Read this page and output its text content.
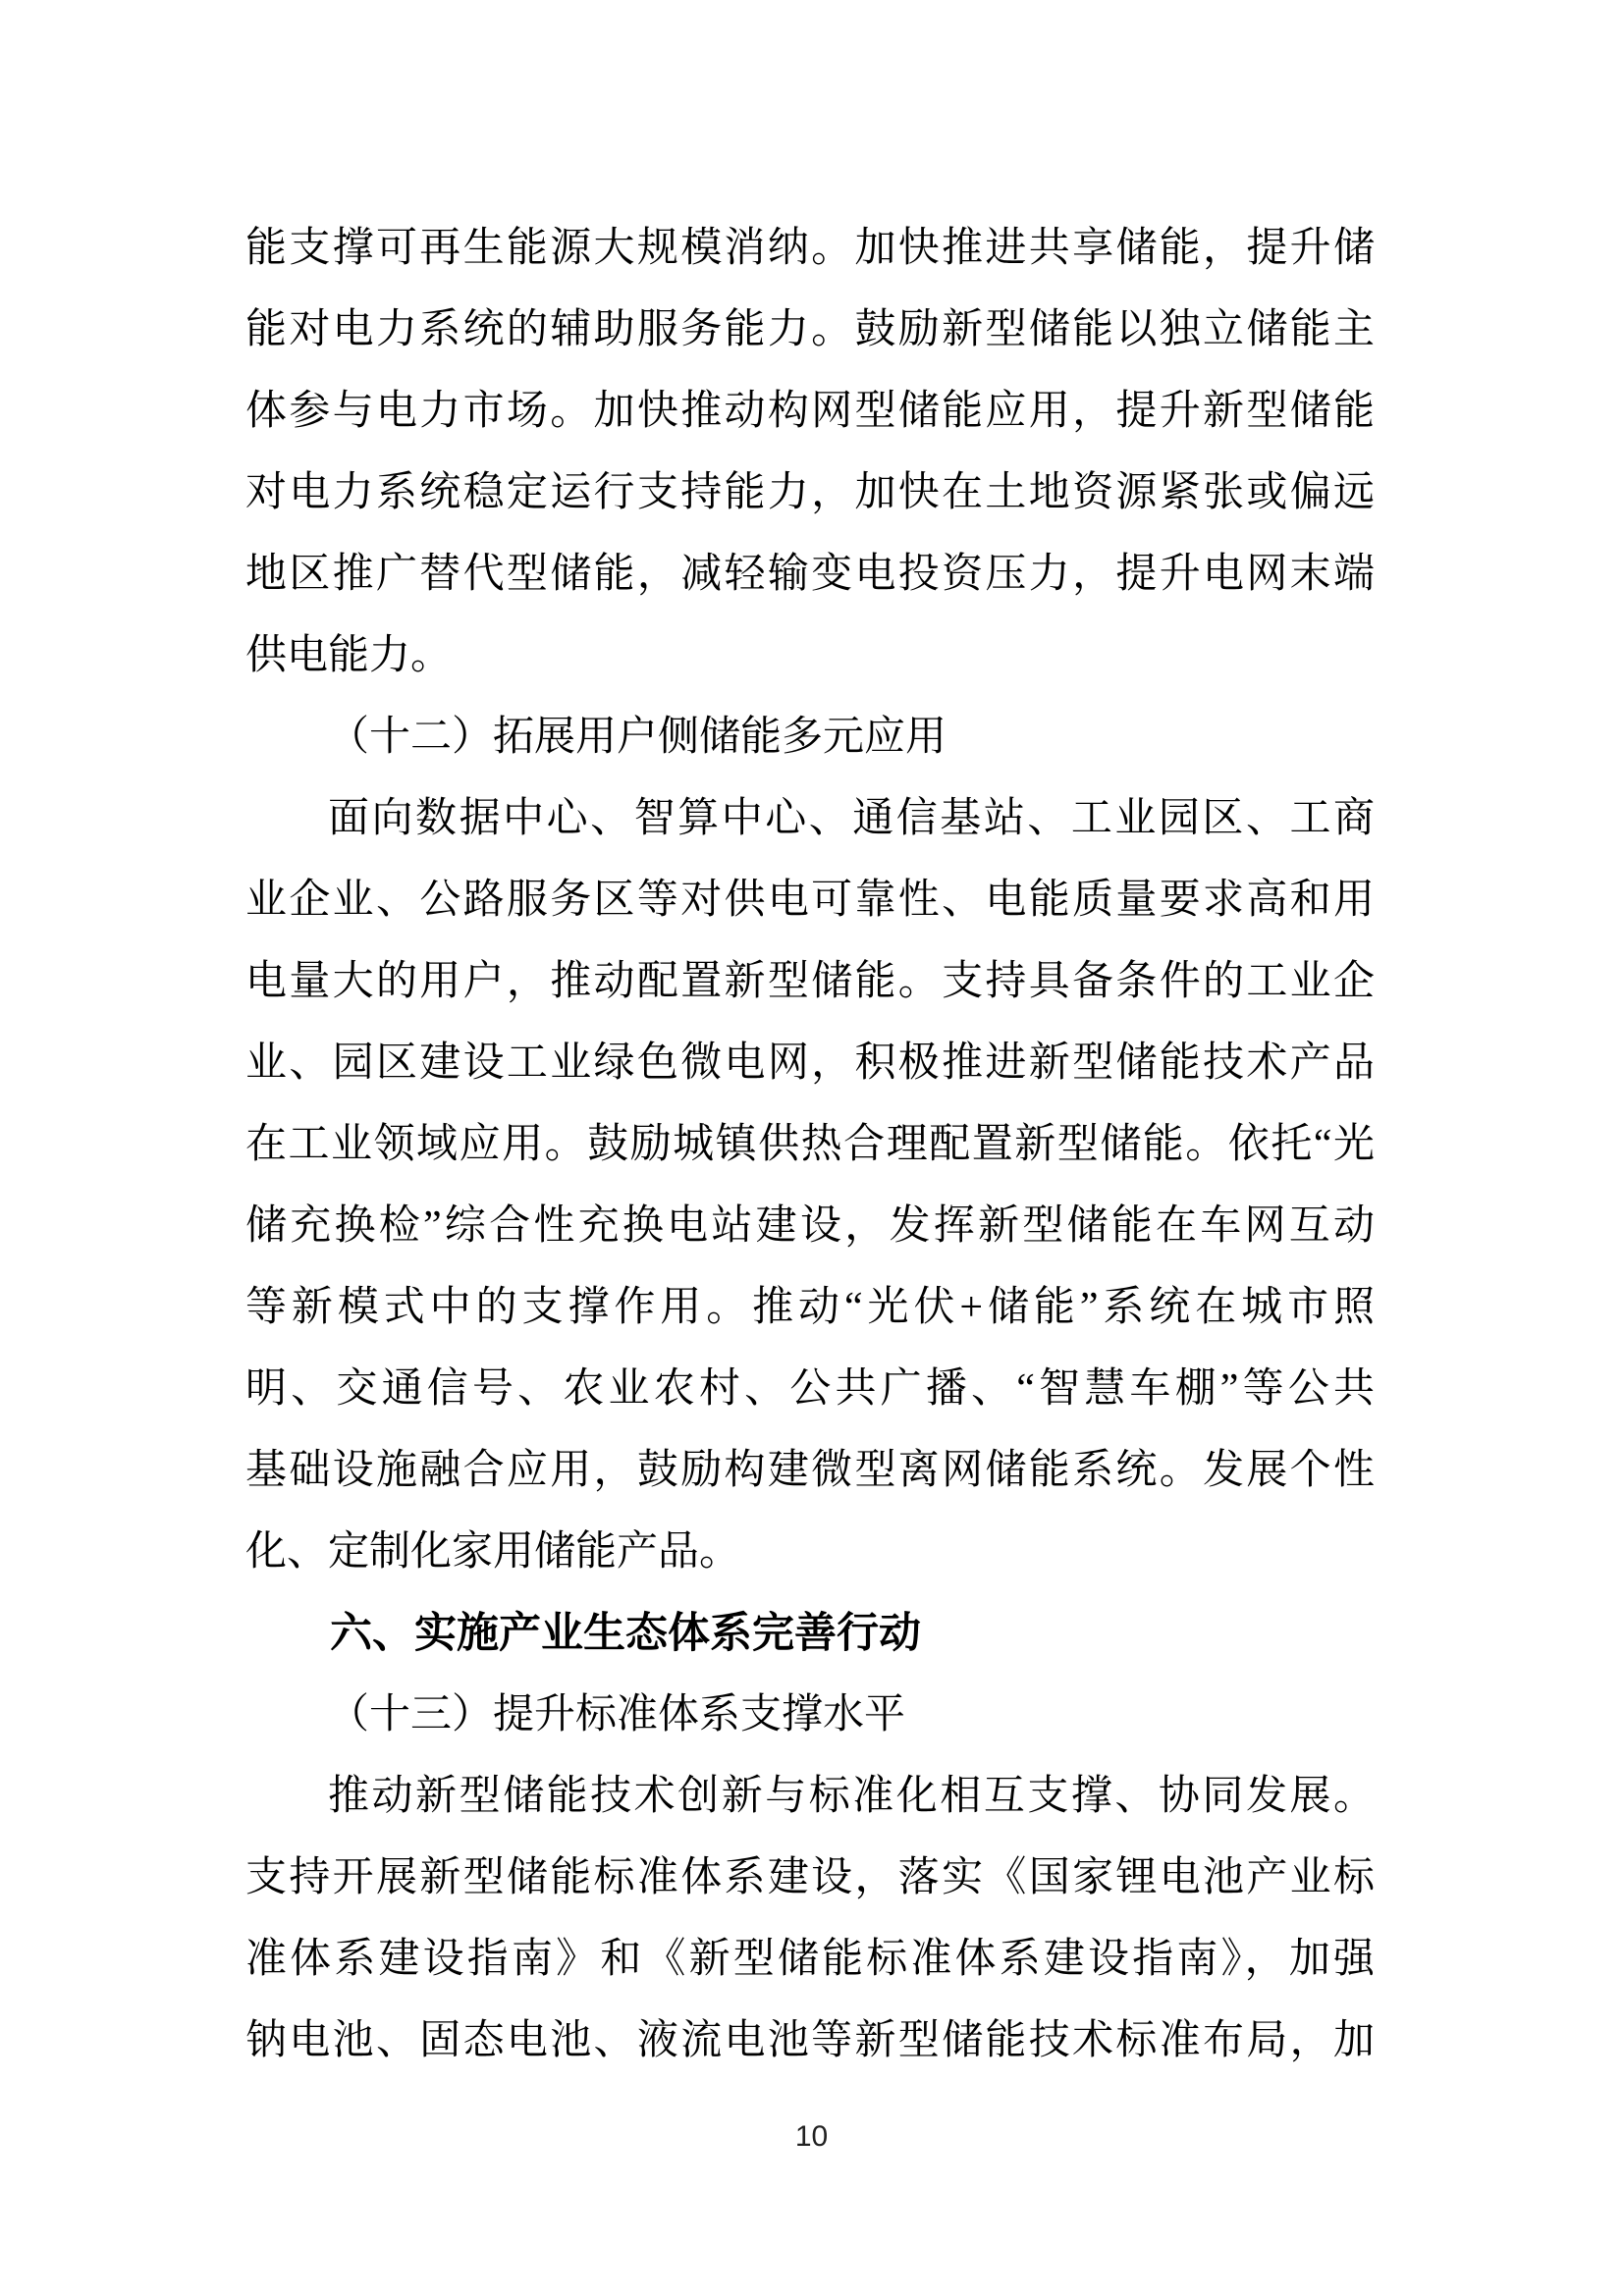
能支撑可再生能源大规模消纳。加快推进共享储能，提升储
能对电力系统的辅助服务能力。鼓励新型储能以独立储能主
体参与电力市场。加快推动构网型储能应用，提升新型储能
对电力系统稳定运行支持能力，加快在土地资源紧张或偏远
地区推广替代型储能，减轻输变电投资压力，提升电网末端
供电能力。
（十二）拓展用户侧储能多元应用
面向数据中心、智算中心、通信基站、工业园区、工商
业企业、公路服务区等对供电可靠性、电能质量要求高和用
电量大的用户，推动配置新型储能。支持具备条件的工业企
业、园区建设工业绿色微电网，积极推进新型储能技术产品
在工业领域应用。鼓励城镇供热合理配置新型储能。依托“光
储充换检”综合性充换电站建设，发挥新型储能在车网互动
等新模式中的支撑作用。推动“光伏+储能”系统在城市照
明、交通信号、农业农村、公共广播、“智慧车棚”等公共
基础设施融合应用，鼓励构建微型离网储能系统。发展个性
化、定制化家用储能产品。
六、实施产业生态体系完善行动
（十三）提升标准体系支撑水平
推动新型储能技术创新与标准化相互支撑、协同发展。
支持开展新型储能标准体系建设，落实《国家锂电池产业标
准体系建设指南》和《新型储能标准体系建设指南》，加强
钠电池、固态电池、液流电池等新型储能技术标准布局，加
10
